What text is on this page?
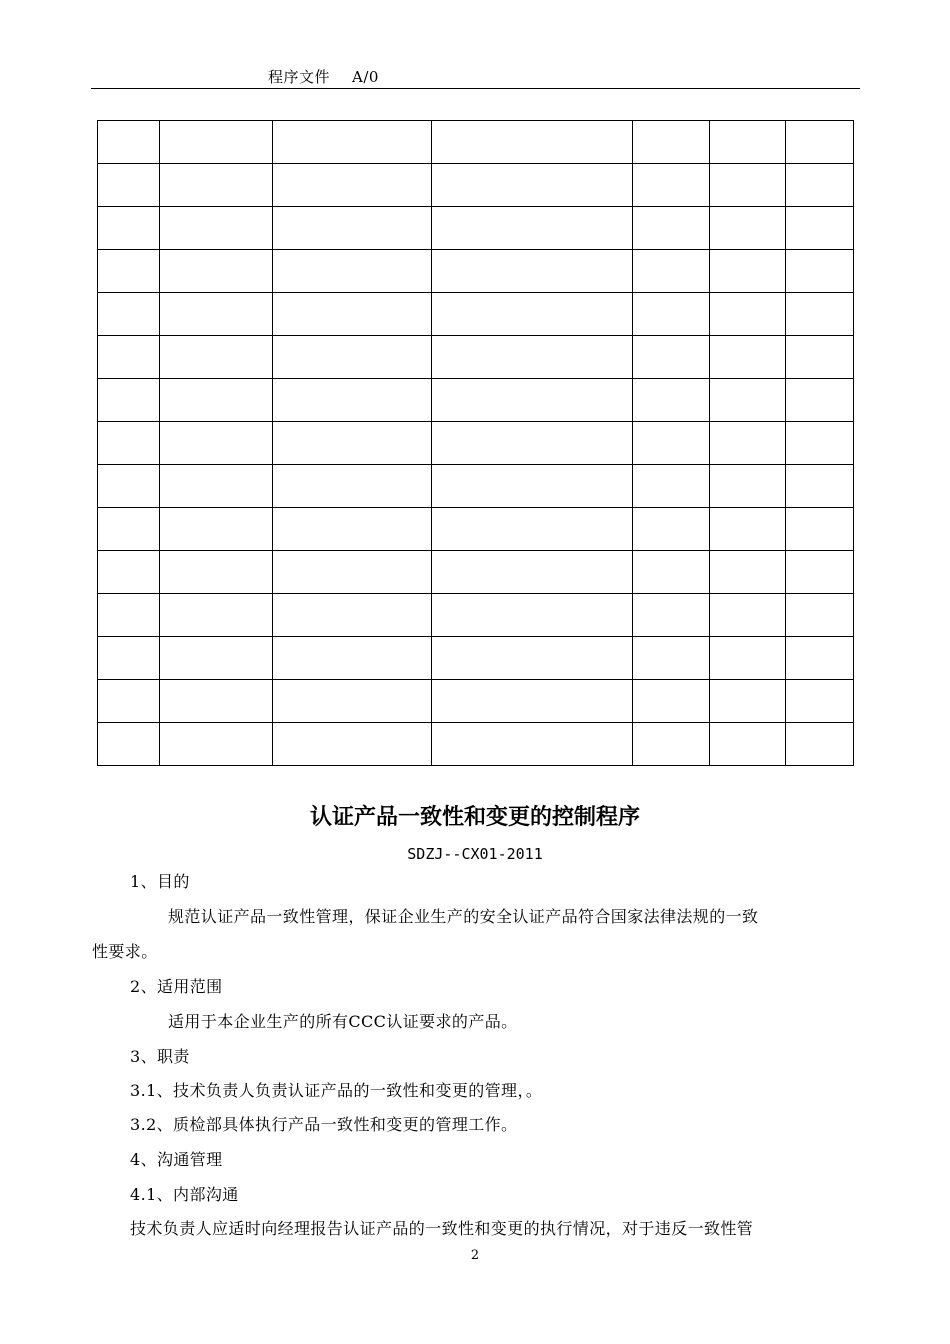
程序文件 A/0

认证产品一致性和变更的控制程序
SDZJ--CX01-2011
1、目的
规范认证产品一致性管理，保证企业生产的安全认证产品符合国家法律法规的一致
性要求。
2、适用范围
适用于本企业生产的所有CCC认证要求的产品。
3、职责
3.1、技术负责人负责认证产品的一致性和变更的管理，。
3.2、质检部具体执行产品一致性和变更的管理工作。
4、沟通管理
4.1、内部沟通
技术负责人应适时向经理报告认证产品的一致性和变更的执行情况，对于违反一致性管
2
